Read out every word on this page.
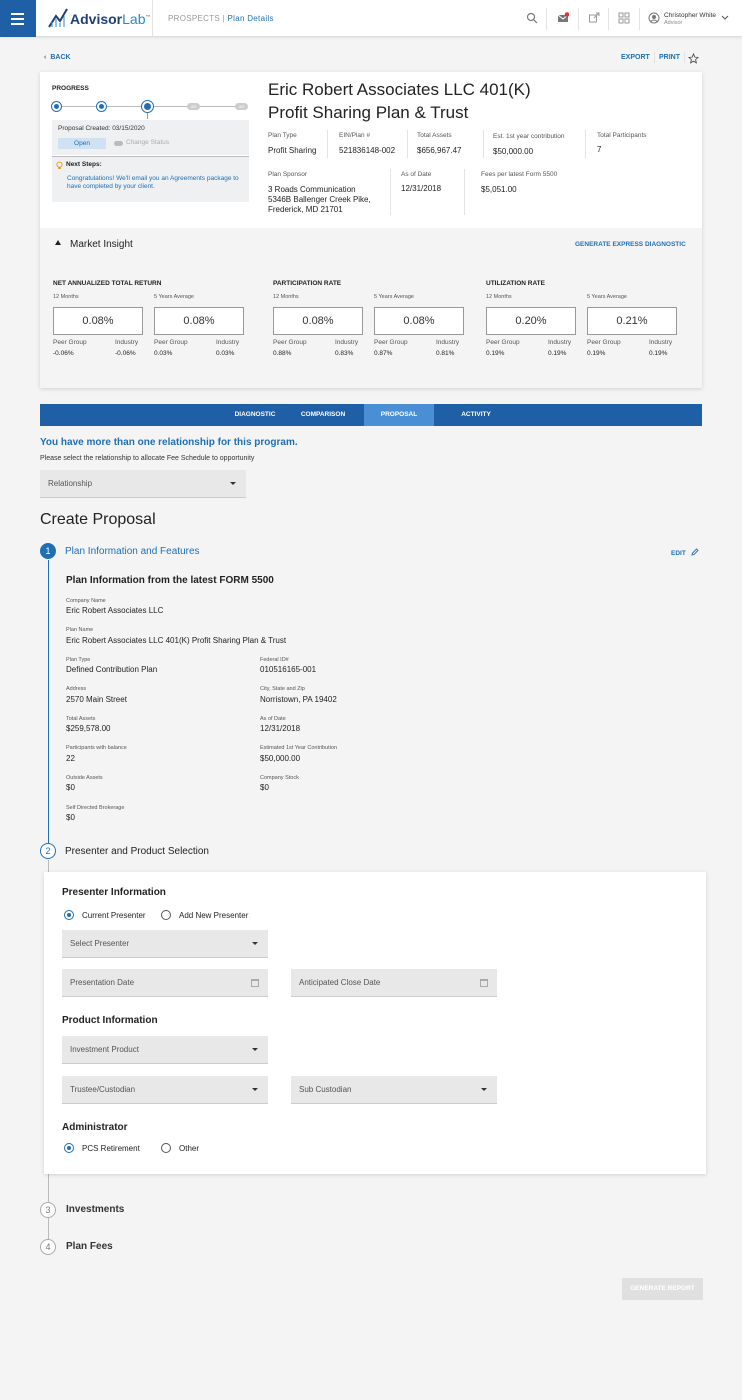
AdvisorLab™ PROSPECTS | Plan Details	Christopher White
Advisor
‹ BACK	EXPORT PRINT
PROGRESS
AR	AR
Proposal Created: 03/15/2020
Open	Change Status
Next Steps:
Congratulations! We'll email you an Agreements package to have completed by your client.
Eric Robert Associates LLC 401(K) Profit Sharing Plan & Trust
Plan Type
Profit Sharing
EIN/Plan #
521836148-002
Total Assets
$656,967.47
Est. 1st year contribution
$50,000.00
Total Participants
7
Plan Sponsor
3 Roads Communication
5346B Ballenger Creek Pike,
Frederick, MD 21701
As of Date
12/31/2018
Fees per latest Form 5500
$5,051.00
Market Insight	GENERATE EXPRESS DIAGNOSTIC
NET ANNUALIZED TOTAL RETURN
12 Months	5 Years Average
0.08%	0.08%
Peer Group	Industry Peer Group	Industry
-0.06%	-0.06%	0.03%	0.03%
PARTICIPATION RATE
12 Months	5 Years Average
0.08%	0.08%
Peer Group	Industry Peer Group	Industry
0.88%	0.83%	0.87%	0.81%
UTILIZATION RATE
12 Months	5 Years Average
0.20%	0.21%
Peer Group	Industry Peer Group	Industry
0.19%	0.19%	0.19%	0.19%
DIAGNOSTIC	COMPARISON	PROPOSAL	ACTIVITY
You have more than one relationship for this program.
Please select the relationship to allocate Fee Schedule to opportunity
Relationship
Create Proposal
1	Plan Information and Features	EDIT
Plan Information from the latest FORM 5500
Company Name
Eric Robert Associates LLC
Plan Name
Eric Robert Associates LLC 401(K) Profit Sharing Plan & Trust
Plan Type
Defined Contribution Plan
Federal ID#
010516165-001
Address
2570 Main Street
City, State and Zip
Norristown, PA 19402
Total Assets
$259,578.00
As of Date
12/31/2018
Participants with balance
22
Estimated 1st Year Contribution
$50,000.00
Outside Assets
$0
Company Stock
$0
Self Directed Brokerage
$0
2	Presenter and Product Selection
Presenter Information
Current Presenter	Add New Presenter
Select Presenter
Presentation Date	Anticipated Close Date
Product Information
Investment Product
Trustee/Custodian	Sub Custodian
Administrator
PCS Retirement	Other
3	Investments
4	Plan Fees
GENERATE REPORT
